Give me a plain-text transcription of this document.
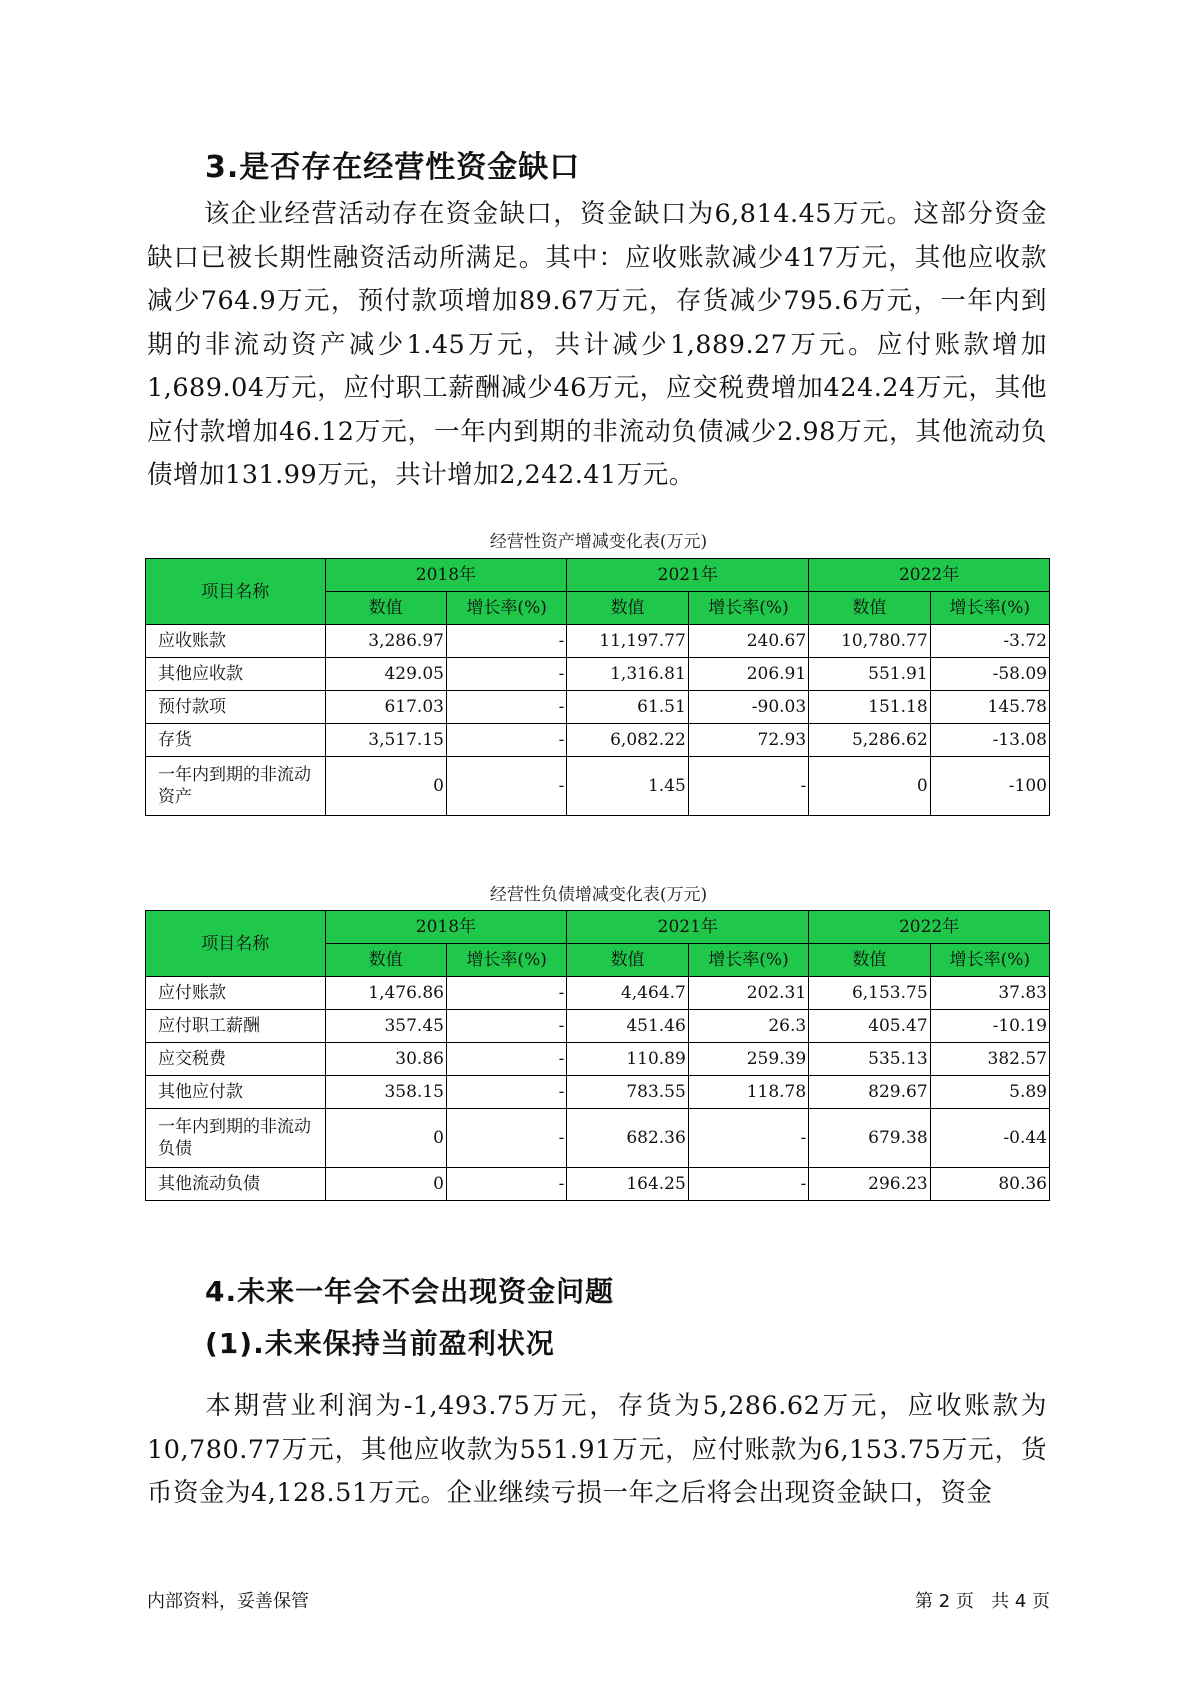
3.是否存在经营性资金缺口
该企业经营活动存在资金缺口，资金缺口为6,814.45万元。这部分资金缺口已被长期性融资活动所满足。其中：应收账款减少417万元，其他应收款减少764.9万元，预付款项增加89.67万元，存货减少795.6万元，一年内到期的非流动资产减少1.45万元，共计减少1,889.27万元。应付账款增加1,689.04万元，应付职工薪酬减少46万元，应交税费增加424.24万元，其他应付款增加46.12万元，一年内到期的非流动负债减少2.98万元，其他流动负债增加131.99万元，共计增加2,242.41万元。
经营性资产增减变化表(万元)
项目名称	2018年		2021年		2022年	
	数值	增长率(%)	数值	增长率(%)	数值	增长率(%)
应收账款	3,286.97	-	11,197.77	240.67	10,780.77	-3.72
其他应收款	429.05	-	1,316.81	206.91	551.91	-58.09
预付款项	617.03	-	61.51	-90.03	151.18	145.78
存货	3,517.15	-	6,082.22	72.93	5,286.62	-13.08
一年内到期的非流动资产	0	-	1.45	-	0	-100
经营性负债增减变化表(万元)
项目名称	2018年		2021年		2022年	
	数值	增长率(%)	数值	增长率(%)	数值	增长率(%)
应付账款	1,476.86	-	4,464.7	202.31	6,153.75	37.83
应付职工薪酬	357.45	-	451.46	26.3	405.47	-10.19
应交税费	30.86	-	110.89	259.39	535.13	382.57
其他应付款	358.15	-	783.55	118.78	829.67	5.89
一年内到期的非流动负债	0	-	682.36	-	679.38	-0.44
其他流动负债	0	-	164.25	-	296.23	80.36
4.未来一年会不会出现资金问题
(1).未来保持当前盈利状况
本期营业利润为-1,493.75万元，存货为5,286.62万元，应收账款为10,780.77万元，其他应收款为551.91万元，应付账款为6,153.75万元，货币资金为4,128.51万元。企业继续亏损一年之后将会出现资金缺口，资金
内部资料，妥善保管	第 2 页   共 4 页
